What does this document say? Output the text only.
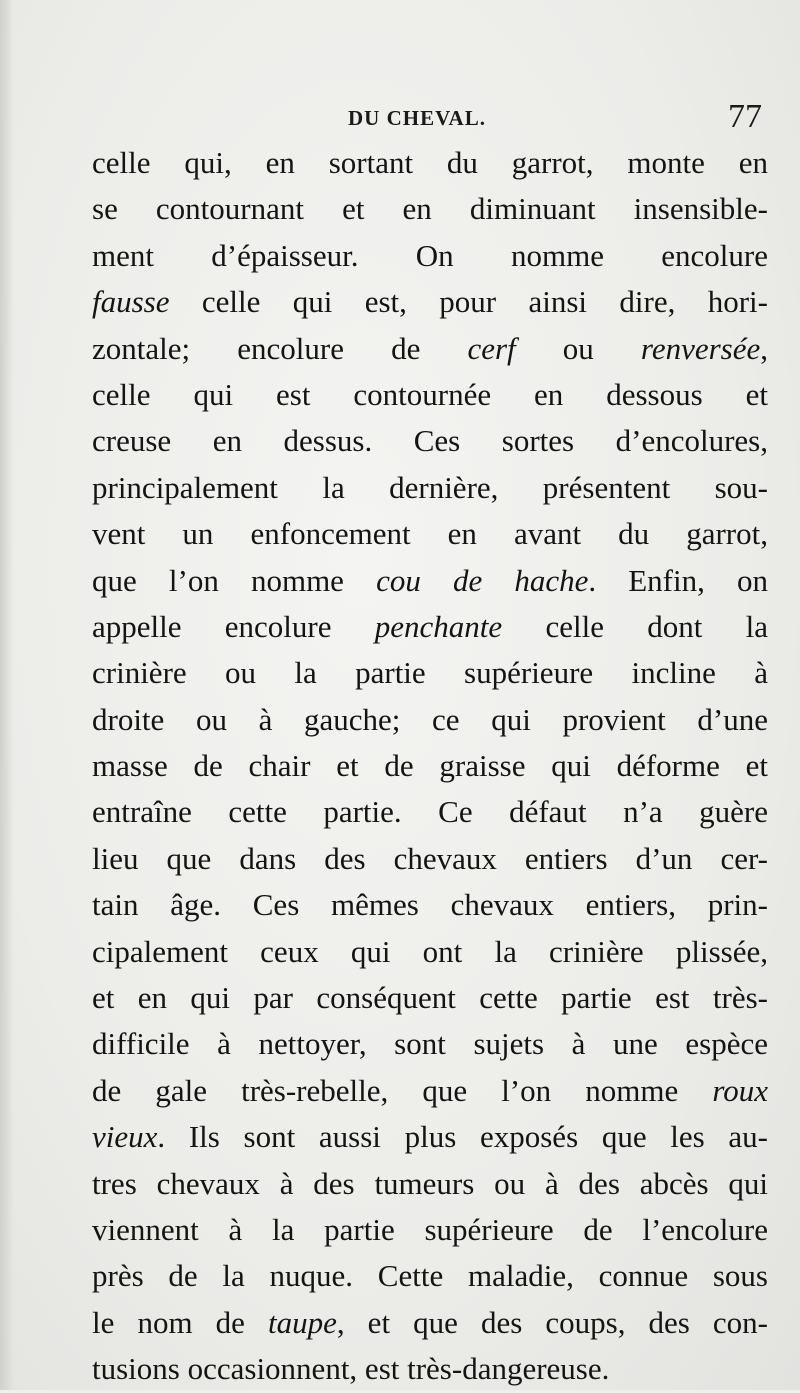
DU CHEVAL.	77
celle qui, en sortant du garrot, monte en
se contournant et en diminuant insensible-
ment d’épaisseur. On nomme encolure
fausse celle qui est, pour ainsi dire, hori-
zontale; encolure de cerf ou renversée,
celle qui est contournée en dessous et
creuse en dessus. Ces sortes d’encolures,
principalement la dernière, présentent sou-
vent un enfoncement en avant du garrot,
que l’on nomme cou de hache. Enfin, on
appelle encolure penchante celle dont la
crinière ou la partie supérieure incline à
droite ou à gauche; ce qui provient d’une
masse de chair et de graisse qui déforme et
entraîne cette partie. Ce défaut n’a guère
lieu que dans des chevaux entiers d’un cer-
tain âge. Ces mêmes chevaux entiers, prin-
cipalement ceux qui ont la crinière plissée,
et en qui par conséquent cette partie est très-
difficile à nettoyer, sont sujets à une espèce
de gale très-rebelle, que l’on nomme roux
vieux. Ils sont aussi plus exposés que les au-
tres chevaux à des tumeurs ou à des abcès qui
viennent à la partie supérieure de l’encolure
près de la nuque. Cette maladie, connue sous
le nom de taupe, et que des coups, des con-
tusions occasionnent, est très-dangereuse.
